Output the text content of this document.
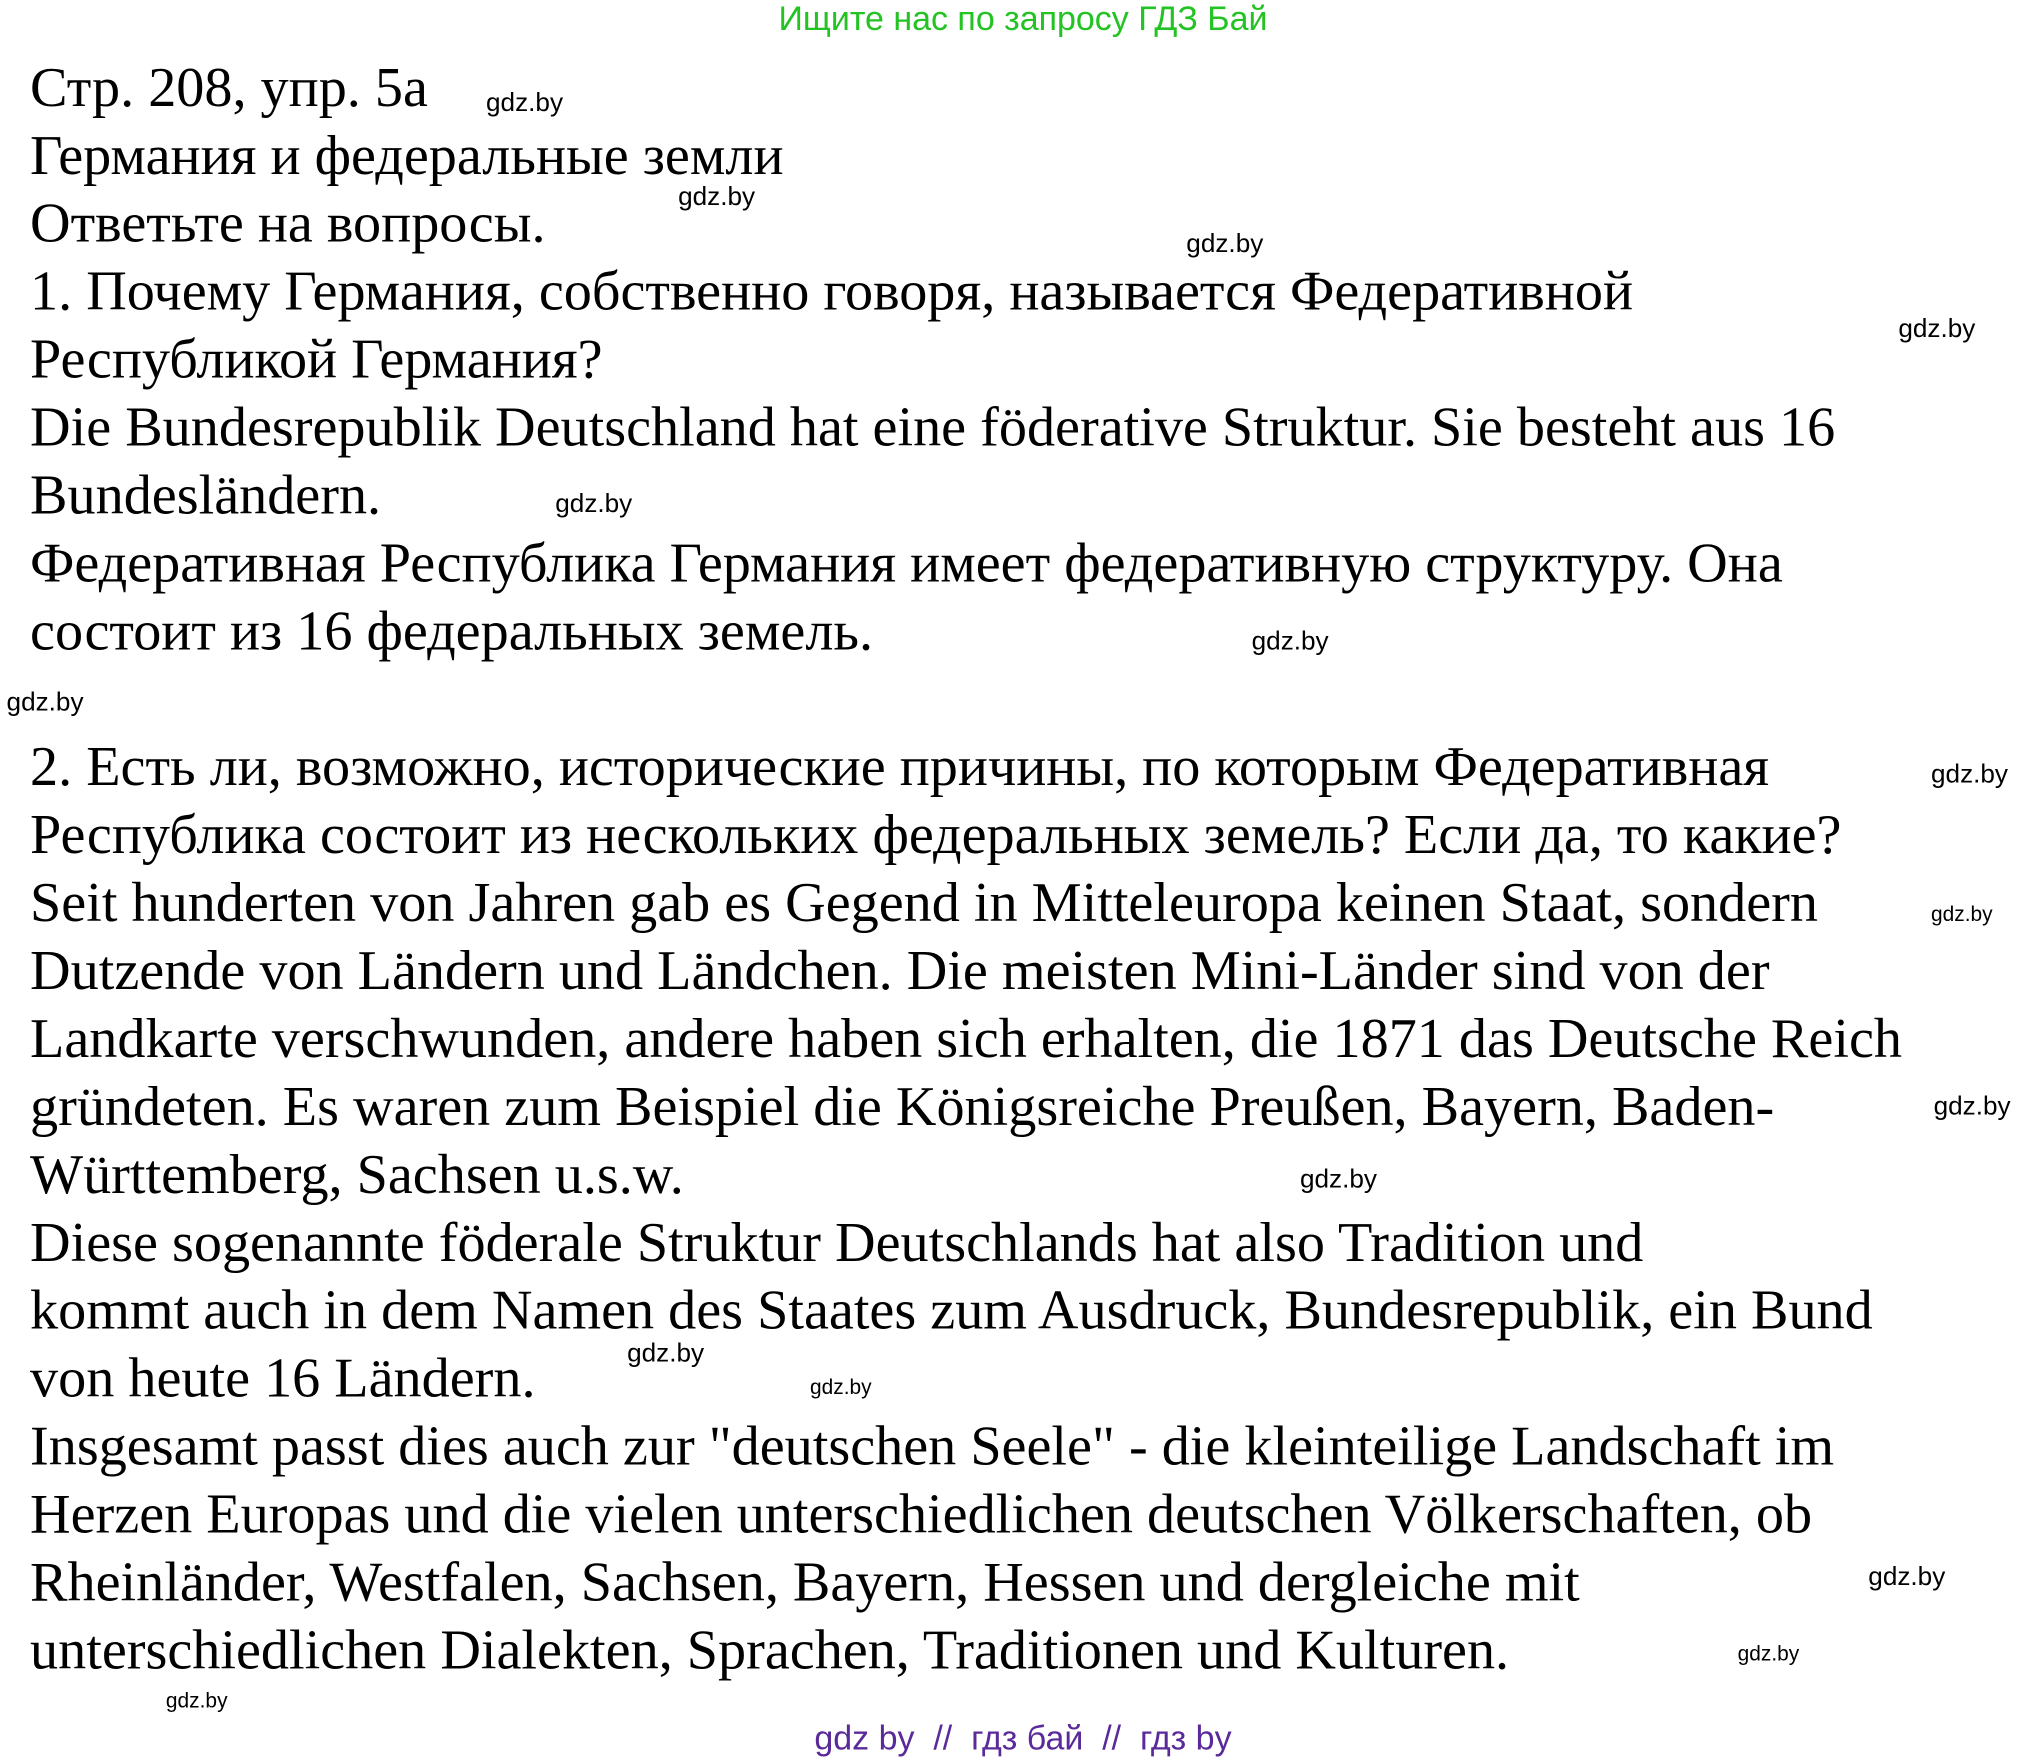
Ищите нас по запросу ГДЗ Бай
Стр. 208, упр. 5а
Германия и федеральные земли
Ответьте на вопросы.
1. Почему Германия, собственно говоря, называется Федеративной
Республикой Германия?
Die Bundesrepublik Deutschland hat eine föderative Struktur. Sie besteht aus 16
Bundesländern.
Федеративная Республика Германия имеет федеративную структуру. Она
состоит из 16 федеральных земель.
2. Есть ли, возможно, исторические причины, по которым Федеративная
Республика состоит из нескольких федеральных земель? Если да, то какие?
Seit hunderten von Jahren gab es Gegend in Mitteleuropa keinen Staat, sondern
Dutzende von Ländern und Ländchen. Die meisten Mini-Länder sind von der
Landkarte verschwunden, andere haben sich erhalten, die 1871 das Deutsche Reich
gründeten. Es waren zum Beispiel die Königsreiche Preußen, Bayern, Baden-
Württemberg, Sachsen u.s.w.
Diese sogenannte föderale Struktur Deutschlands hat also Tradition und
kommt auch in dem Namen des Staates zum Ausdruck, Bundesrepublik, ein Bund
von heute 16 Ländern.
Insgesamt passt dies auch zur "deutschen Seele" - die kleinteilige Landschaft im
Herzen Europas und die vielen unterschiedlichen deutschen Völkerschaften, ob
Rheinländer, Westfalen, Sachsen, Bayern, Hessen und dergleiche mit
unterschiedlichen Dialekten, Sprachen, Traditionen und Kulturen.
gdz.by
gdz.by
gdz.by
gdz.by
gdz.by
gdz.by
gdz.by
gdz.by
gdz.by
gdz.by
gdz.by
gdz.by
gdz.by
gdz.by
gdz.by
gdz.by
gdz by  //  гдз бай  //  гдз by
